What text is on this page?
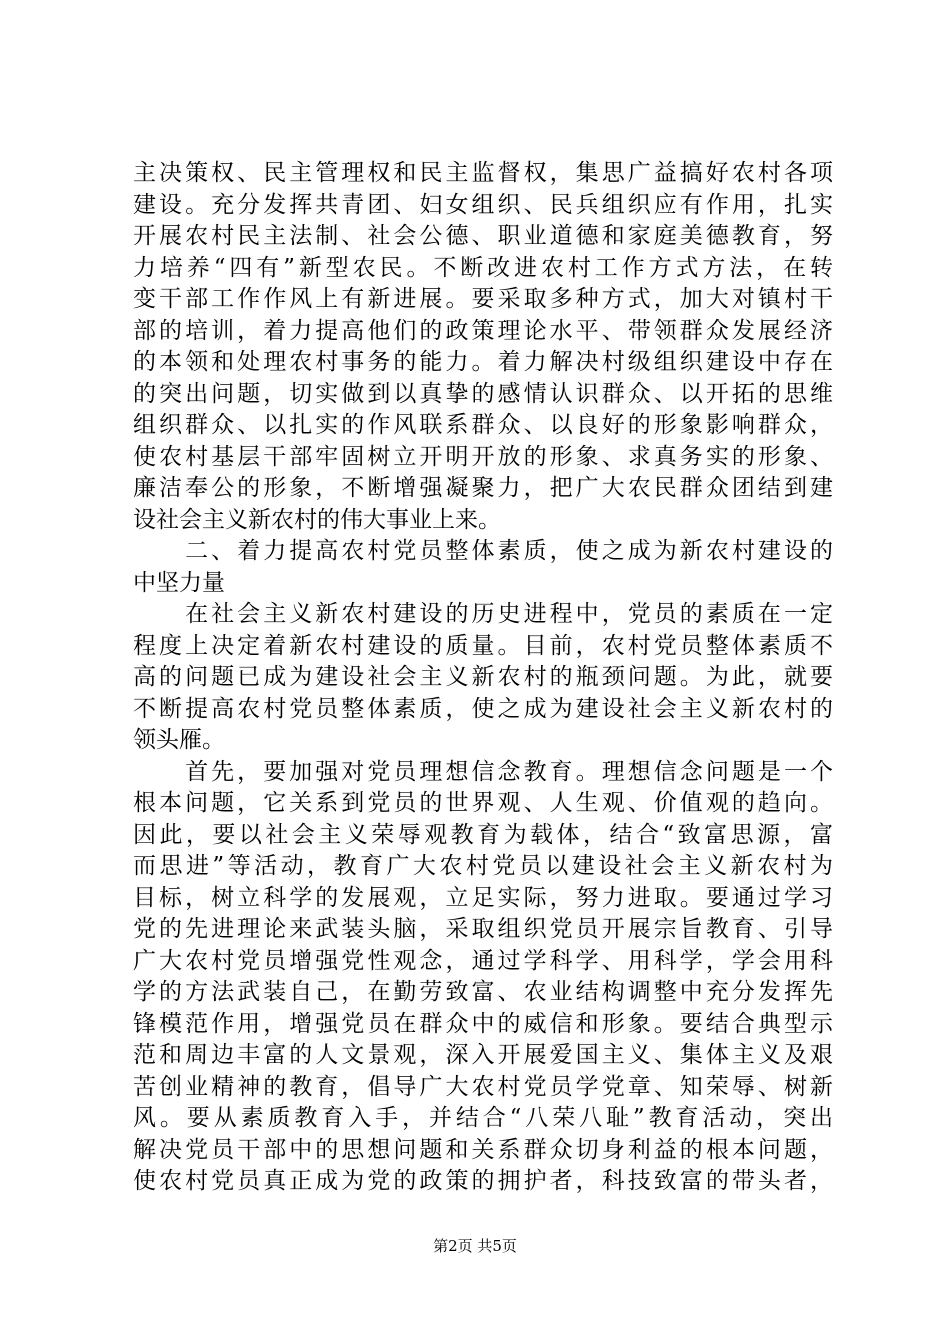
主决策权、民主管理权和民主监督权，集思广益搞好农村各项
建设。充分发挥共青团、妇女组织、民兵组织应有作用，扎实
开展农村民主法制、社会公德、职业道德和家庭美德教育，努
力培养“四有”新型农民。不断改进农村工作方式方法，在转
变干部工作作风上有新进展。要采取多种方式，加大对镇村干
部的培训，着力提高他们的政策理论水平、带领群众发展经济
的本领和处理农村事务的能力。着力解决村级组织建设中存在
的突出问题，切实做到以真挚的感情认识群众、以开拓的思维
组织群众、以扎实的作风联系群众、以良好的形象影响群众，
使农村基层干部牢固树立开明开放的形象、求真务实的形象、
廉洁奉公的形象，不断增强凝聚力，把广大农民群众团结到建
设社会主义新农村的伟大事业上来。
　　二、着力提高农村党员整体素质，使之成为新农村建设的
中坚力量
　　在社会主义新农村建设的历史进程中，党员的素质在一定
程度上决定着新农村建设的质量。目前，农村党员整体素质不
高的问题已成为建设社会主义新农村的瓶颈问题。为此，就要
不断提高农村党员整体素质，使之成为建设社会主义新农村的
领头雁。
　　首先，要加强对党员理想信念教育。理想信念问题是一个
根本问题，它关系到党员的世界观、人生观、价值观的趋向。
因此，要以社会主义荣辱观教育为载体，结合“致富思源，富
而思进”等活动，教育广大农村党员以建设社会主义新农村为
目标，树立科学的发展观，立足实际，努力进取。要通过学习
党的先进理论来武装头脑，采取组织党员开展宗旨教育、引导
广大农村党员增强党性观念，通过学科学、用科学，学会用科
学的方法武装自己，在勤劳致富、农业结构调整中充分发挥先
锋模范作用，增强党员在群众中的威信和形象。要结合典型示
范和周边丰富的人文景观，深入开展爱国主义、集体主义及艰
苦创业精神的教育，倡导广大农村党员学党章、知荣辱、树新
风。要从素质教育入手，并结合“八荣八耻”教育活动，突出
解决党员干部中的思想问题和关系群众切身利益的根本问题，
使农村党员真正成为党的政策的拥护者，科技致富的带头者，
第2页 共5页
